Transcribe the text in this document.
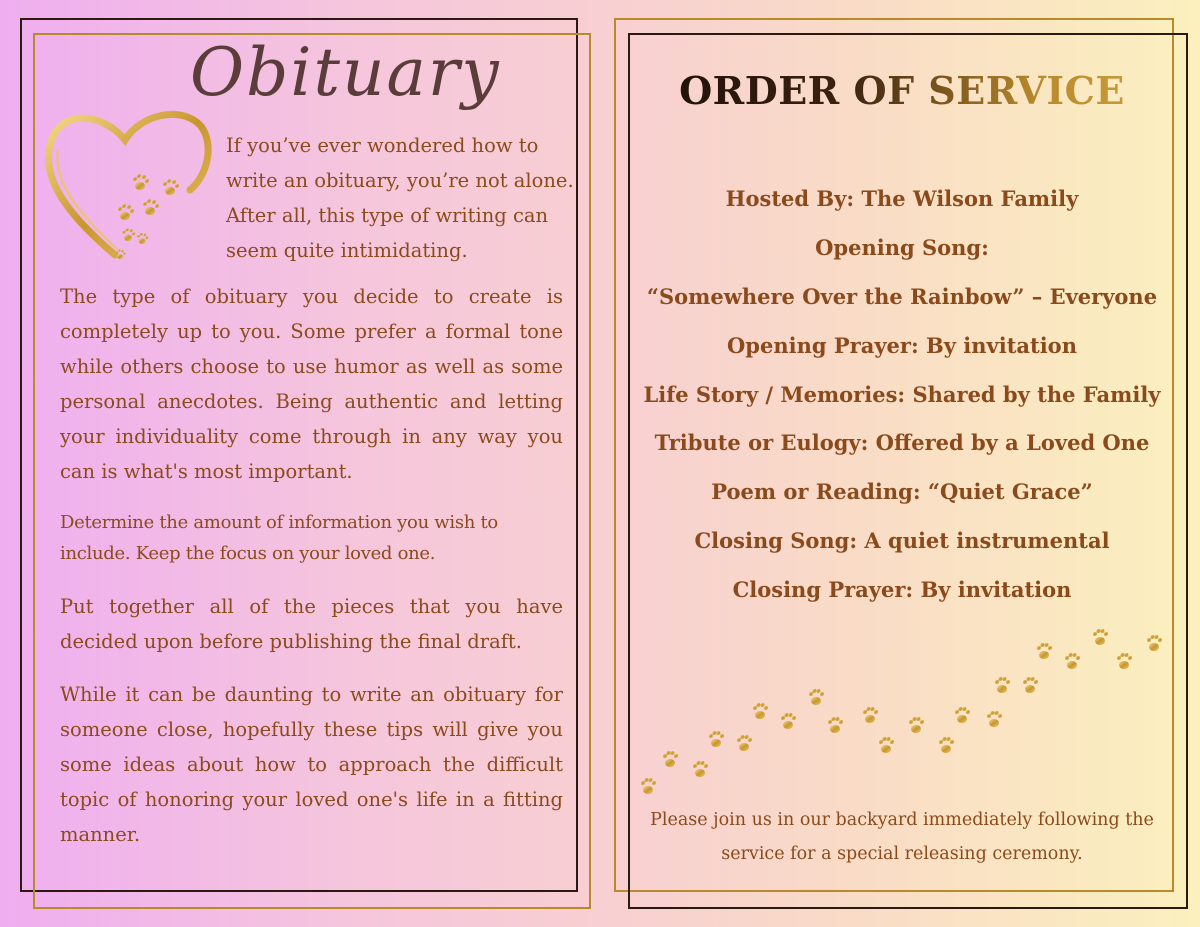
Obituary
If you’ve ever wondered how to write an obituary, you’re not alone. After all, this type of writing can seem quite intimidating.
The type of obituary you decide to create is completely up to you. Some prefer a formal tone while others choose to use humor as well as some personal anecdotes. Being authentic and letting your individuality come through in any way you can is what's most important.
Determine the amount of information you wish to include. Keep the focus on your loved one.
Put together all of the pieces that you have decided upon before publishing the final draft.
While it can be daunting to write an obituary for someone close, hopefully these tips will give you some ideas about how to approach the difficult topic of honoring your loved one's life in a fitting manner.
ORDER OF SERVICE
Hosted By: The Wilson Family
Opening Song:
“Somewhere Over the Rainbow” – Everyone
Opening Prayer: By invitation
Life Story / Memories: Shared by the Family
Tribute or Eulogy: Offered by a Loved One
Poem or Reading: “Quiet Grace”
Closing Song: A quiet instrumental
Closing Prayer: By invitation
Please join us in our backyard immediately following the service for a special releasing ceremony.
